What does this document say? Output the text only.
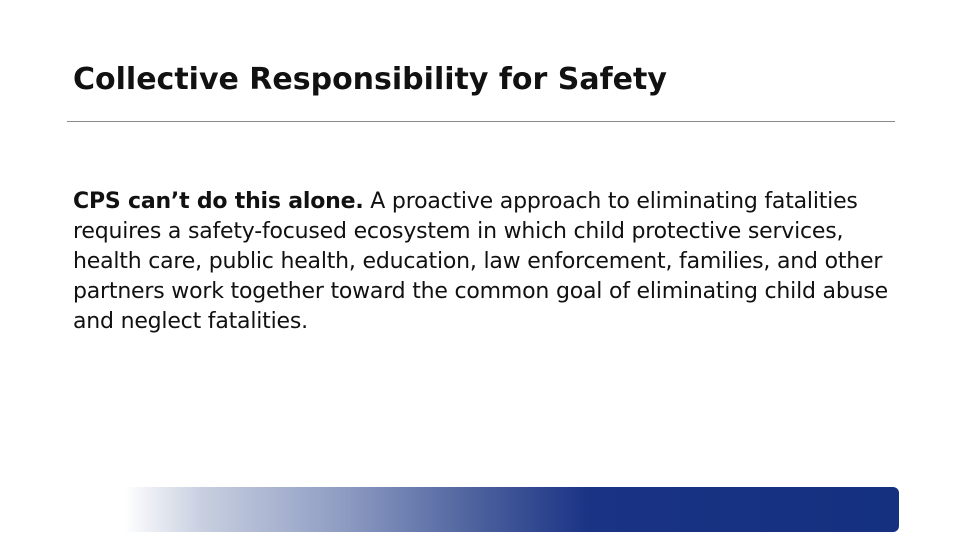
Collective Responsibility for Safety
CPS can’t do this alone. A proactive approach to eliminating fatalities requires a safety-focused ecosystem in which child protective services, health care, public health, education, law enforcement, families, and other partners work together toward the common goal of eliminating child abuse and neglect fatalities.
